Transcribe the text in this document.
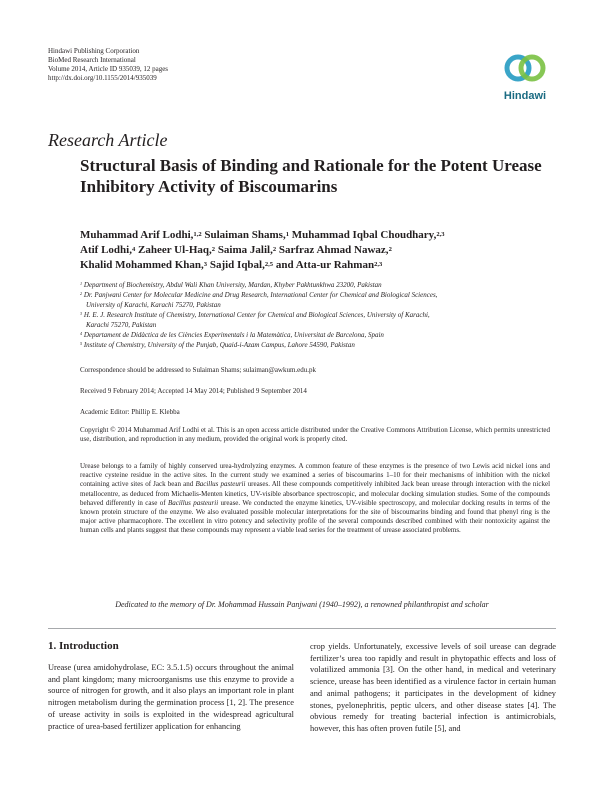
Hindawi Publishing Corporation
BioMed Research International
Volume 2014, Article ID 935039, 12 pages
http://dx.doi.org/10.1155/2014/935039
Hindawi
Research Article
Structural Basis of Binding and Rationale for the Potent Urease Inhibitory Activity of Biscoumarins
Muhammad Arif Lodhi,$^{1,2}$ Sulaiman Shams,$^1$ Muhammad Iqbal Choudhary,$^{2,3}$
Atif Lodhi,$^4$ Zaheer Ul-Haq,$^2$ Saima Jalil,$^2$ Sarfraz Ahmad Nawaz,$^2$
Khalid Mohammed Khan,$^3$ Sajid Iqbal,$^{2,5}$ and Atta-ur Rahman$^{2,3}$
$^1$ Department of Biochemistry, Abdul Wali Khan University, Mardan, Khyber Pakhtunkhwa 23200, Pakistan
$^2$ Dr. Panjwani Center for Molecular Medicine and Drug Research, International Center for Chemical and Biological Sciences,
University of Karachi, Karachi 75270, Pakistan
$^3$ H. E. J. Research Institute of Chemistry, International Center for Chemical and Biological Sciences, University of Karachi,
Karachi 75270, Pakistan
$^4$ Departament de Didàctica de les Ciències Experimentals i la Matemàtica, Universitat de Barcelona, Spain
$^5$ Institute of Chemistry, University of the Punjab, Quaid-i-Azam Campus, Lahore 54590, Pakistan
Correspondence should be addressed to Sulaiman Shams; sulaiman@awkum.edu.pk
Received 9 February 2014; Accepted 14 May 2014; Published 9 September 2014
Academic Editor: Phillip E. Klebba
Copyright © 2014 Muhammad Arif Lodhi et al. This is an open access article distributed under the Creative Commons Attribution License, which permits unrestricted use, distribution, and reproduction in any medium, provided the original work is properly cited.
Urease belongs to a family of highly conserved urea-hydrolyzing enzymes. A common feature of these enzymes is the presence of two Lewis acid nickel ions and reactive cysteine residue in the active sites. In the current study we examined a series of biscoumarins 1–10 for their mechanisms of inhibition with the nickel containing active sites of Jack bean and Bacillus pasteurii ureases. All these compounds competitively inhibited Jack bean urease through interaction with the nickel metallocentre, as deduced from Michaelis-Menten kinetics, UV-visible absorbance spectroscopic, and molecular docking simulation studies. Some of the compounds behaved differently in case of Bacillus pasteurii urease. We conducted the enzyme kinetics, UV-visible spectroscopy, and molecular docking results in terms of the known protein structure of the enzyme. We also evaluated possible molecular interpretations for the site of biscoumarins binding and found that phenyl ring is the major active pharmacophore. The excellent in vitro potency and selectivity profile of the several compounds described combined with their nontoxicity against the human cells and plants suggest that these compounds may represent a viable lead series for the treatment of urease associated problems.
Dedicated to the memory of Dr. Mohammad Hussain Panjwani (1940–1992), a renowned philanthropist and scholar
1. Introduction
Urease (urea amidohydrolase, EC: 3.5.1.5) occurs throughout the animal and plant kingdom; many microorganisms use this enzyme to provide a source of nitrogen for growth, and it also plays an important role in plant nitrogen metabolism during the germination process [1, 2]. The presence of urease activity in soils is exploited in the widespread agricultural practice of urea-based fertilizer application for enhancing
crop yields. Unfortunately, excessive levels of soil urease can degrade fertilizer’s urea too rapidly and result in phytopathic effects and loss of volatilized ammonia [3]. On the other hand, in medical and veterinary science, urease has been identified as a virulence factor in certain human and animal pathogens; it participates in the development of kidney stones, pyelonephritis, peptic ulcers, and other disease states [4]. The obvious remedy for treating bacterial infection is antimicrobials, however, this has often proven futile [5], and
